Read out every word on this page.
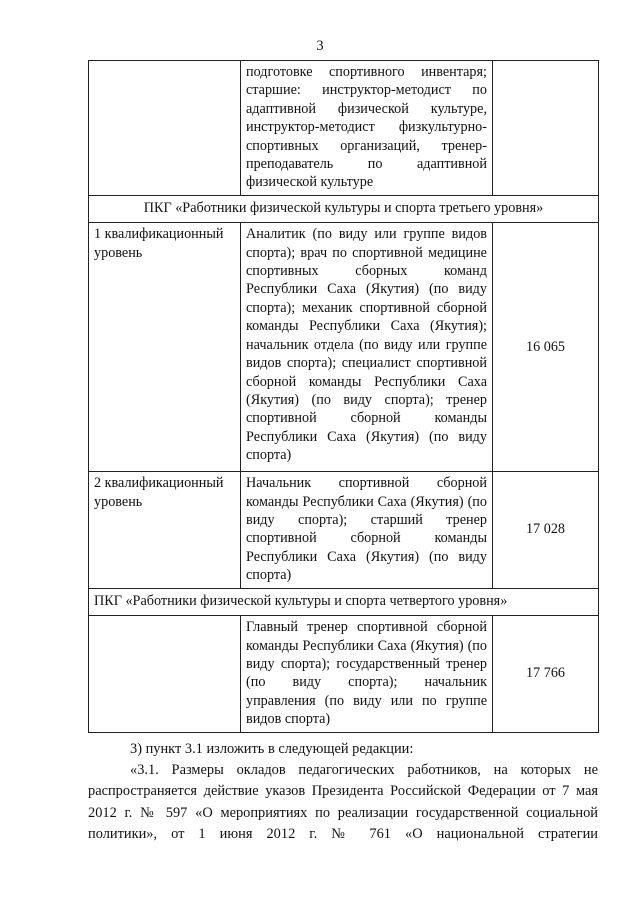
3
	подготовке спортивного инвентаря; старшие: инструктор-методист по адаптивной физической культуре, инструктор-методист физкультурно-спортивных организаций, тренер-преподаватель по адаптивной физической культуре	
ПКГ «Работники физической культуры и спорта третьего уровня»		
1 квалификационный уровень	Аналитик (по виду или группе видов спорта); врач по спортивной медицине спортивных сборных команд Республики Саха (Якутия) (по виду спорта); механик спортивной сборной команды Республики Саха (Якутия); начальник отдела (по виду или группе видов спорта); специалист спортивной сборной команды Республики Саха (Якутия) (по виду спорта); тренер спортивной сборной команды Республики Саха (Якутия) (по виду спорта)	16 065
2 квалификационный уровень	Начальник спортивной сборной команды Республики Саха (Якутия) (по виду спорта); старший тренер спортивной сборной команды Республики Саха (Якутия) (по виду спорта)	17 028
ПКГ «Работники физической культуры и спорта четвертого уровня»		
	Главный тренер спортивной сборной команды Республики Саха (Якутия) (по виду спорта); государственный тренер (по виду спорта); начальник управления (по виду или по группе видов спорта)	17 766

3) пункт 3.1 изложить в следующей редакции:

«3.1. Размеры окладов педагогических работников, на которых не распространяется действие указов Президента Российской Федерации от 7 мая 2012 г. № 597 «О мероприятиях по реализации государственной социальной политики», от 1 июня 2012 г. № 761 «О национальной стратегии
